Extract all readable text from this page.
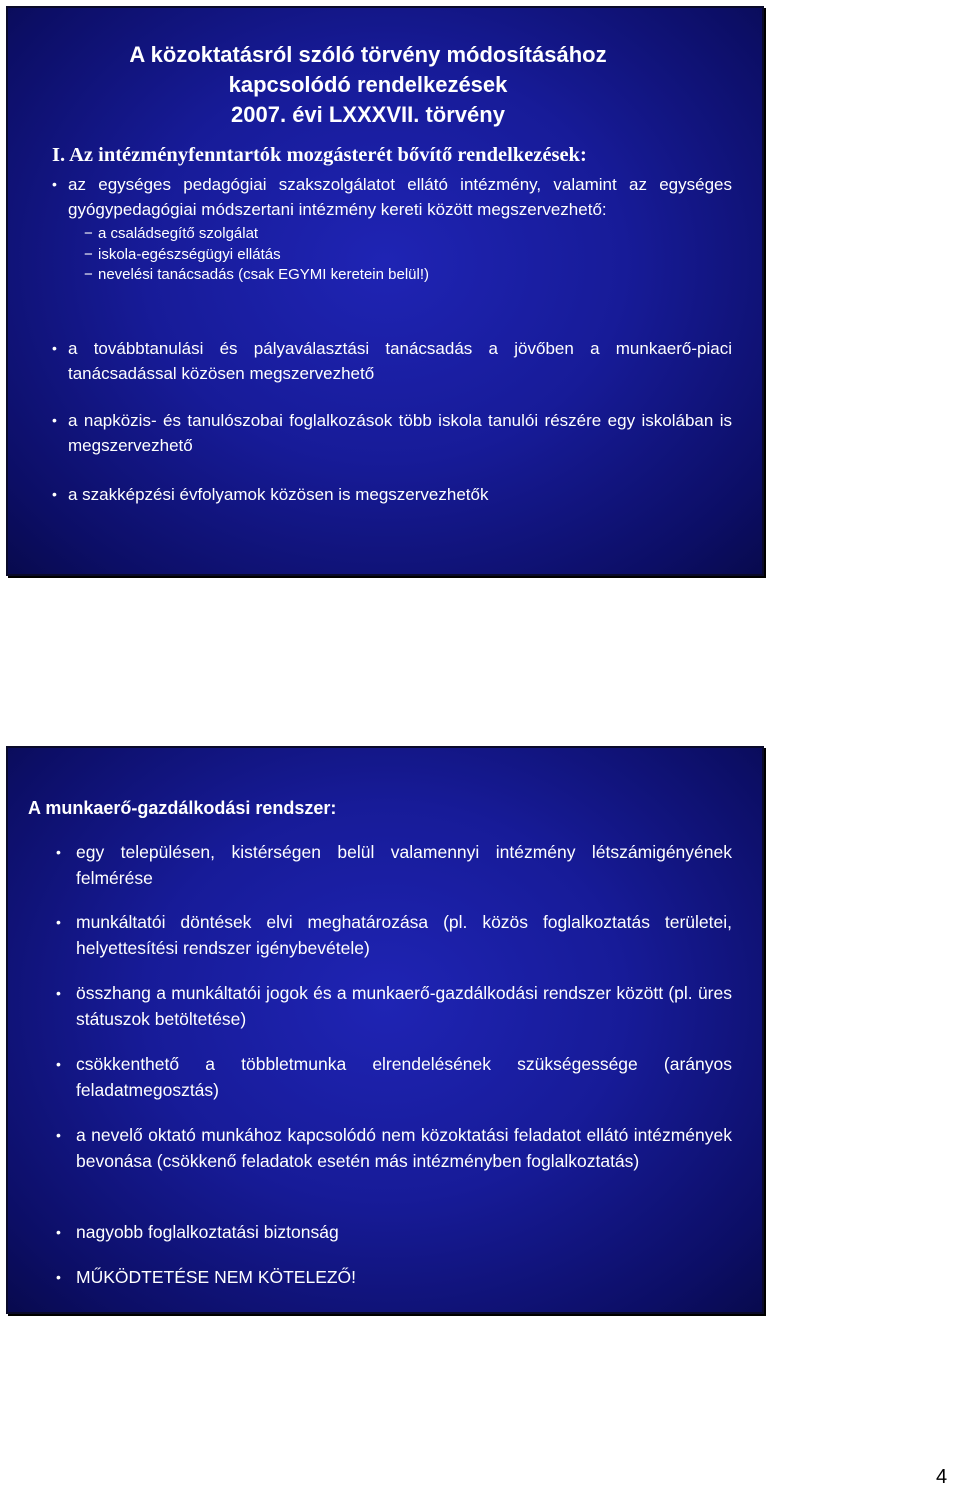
A közoktatásról szóló törvény módosításához
kapcsolódó rendelkezések
2007. évi LXXXVII. törvény
I. Az intézményfenntartók mozgásterét bővítő rendelkezések:
• az egységes pedagógiai szakszolgálatot ellátó intézmény, valamint az egységes gyógypedagógiai módszertani intézmény kereti között megszervezhető:
− a családsegítő szolgálat
− iskola-egészségügyi ellátás
− nevelési tanácsadás (csak EGYMI keretein belül!)
• a továbbtanulási és pályaválasztási tanácsadás a jövőben a munkaerő-piaci tanácsadással közösen megszervezhető
• a napközis- és tanulószobai foglalkozások több iskola tanulói részére egy iskolában is megszervezhető
• a szakképzési évfolyamok közösen is megszervezhetők
A munkaerő-gazdálkodási rendszer:
• egy településen, kistérségen belül valamennyi intézmény létszámigényének felmérése
• munkáltatói döntések elvi meghatározása (pl. közös foglalkoztatás területei, helyettesítési rendszer igénybevétele)
• összhang a munkáltatói jogok és a munkaerő-gazdálkodási rendszer között (pl. üres státuszok betöltetése)
• csökkenthető a többletmunka elrendelésének szükségessége (arányos feladatmegosztás)
• a nevelő oktató munkához kapcsolódó nem közoktatási feladatot ellátó intézmények bevonása (csökkenő feladatok esetén más intézményben foglalkoztatás)
• nagyobb foglalkoztatási biztonság
• MŰKÖDTETÉSE NEM KÖTELEZŐ!
4
